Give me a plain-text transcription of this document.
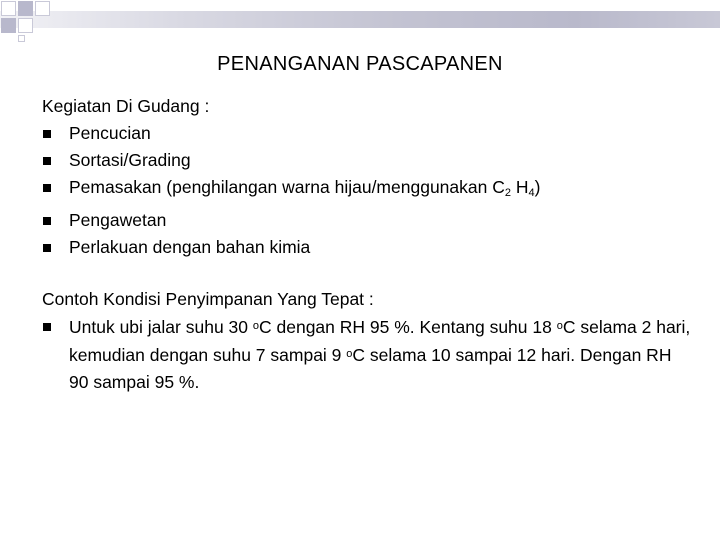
PENANGANAN PASCAPANEN

Kegiatan Di Gudang :

Pencucian
Sortasi/Grading
Pemasakan (penghilangan warna hijau/menggunakan $C_2$ $H_4$)
Pengawetan
Perlakuan dengan bahan kimia

Contoh Kondisi Penyimpanan Yang Tepat :

Untuk ubi jalar suhu 30 $^o$C dengan RH 95 %. Kentang suhu 18 $^o$C selama 2 hari, kemudian dengan suhu 7 sampai 9 $^o$C selama 10 sampai 12 hari. Dengan RH 90 sampai 95 %.
